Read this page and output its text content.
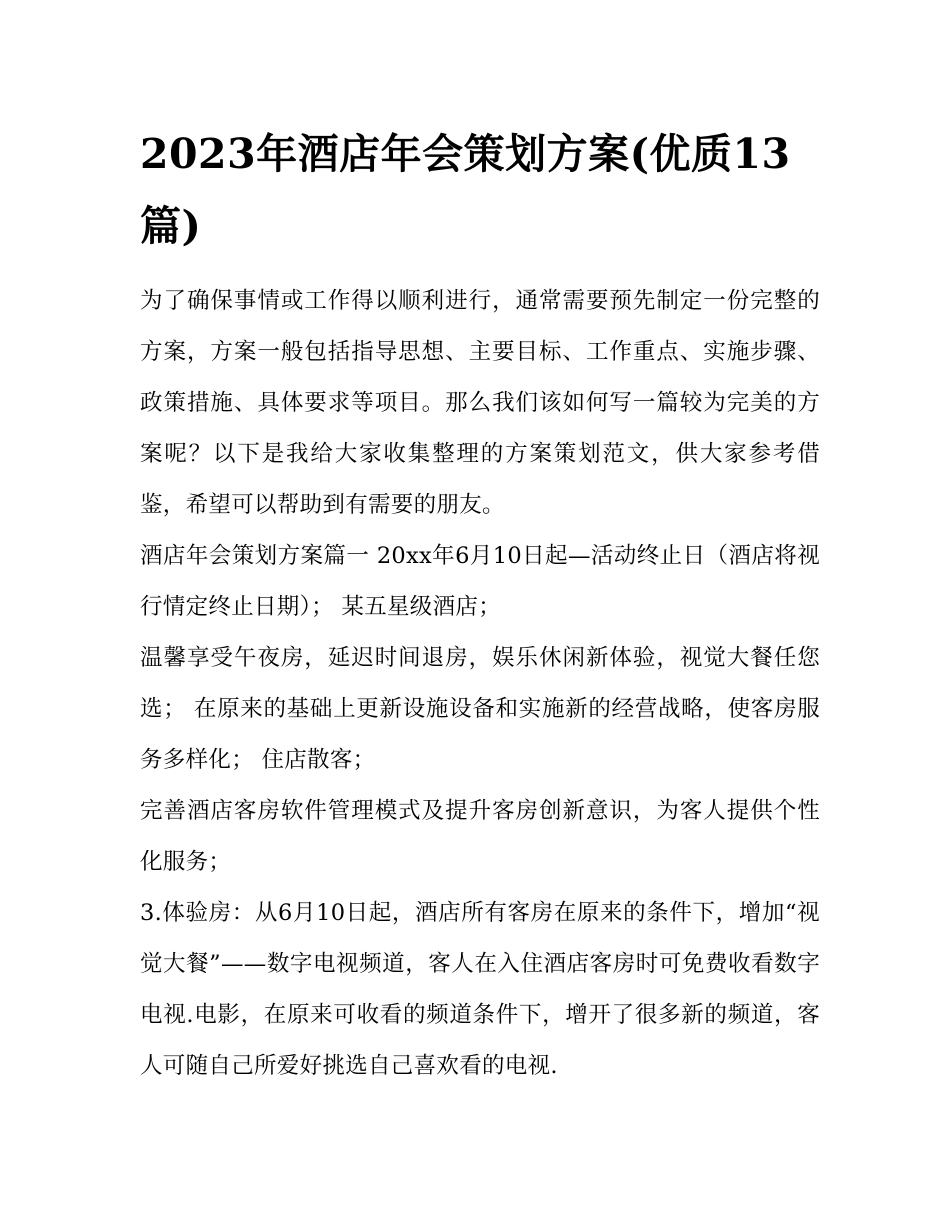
2023年酒店年会策划方案(优质13篇)

为了确保事情或工作得以顺利进行，通常需要预先制定一份完整的方案，方案一般包括指导思想、主要目标、工作重点、实施步骤、政策措施、具体要求等项目。那么我们该如何写一篇较为完美的方案呢？以下是我给大家收集整理的方案策划范文，供大家参考借鉴，希望可以帮助到有需要的朋友。

酒店年会策划方案篇一 20xx年6月10日起—活动终止日（酒店将视行情定终止日期）； 某五星级酒店；

温馨享受午夜房，延迟时间退房，娱乐休闲新体验，视觉大餐任您选； 在原来的基础上更新设施设备和实施新的经营战略，使客房服务多样化； 住店散客；

完善酒店客房软件管理模式及提升客房创新意识，为客人提供个性化服务；

3.体验房：从6月10日起，酒店所有客房在原来的条件下，增加“视觉大餐”——数字电视频道，客人在入住酒店客房时可免费收看数字电视.电影，在原来可收看的频道条件下，增开了很多新的频道，客人可随自己所爱好挑选自己喜欢看的电视.
